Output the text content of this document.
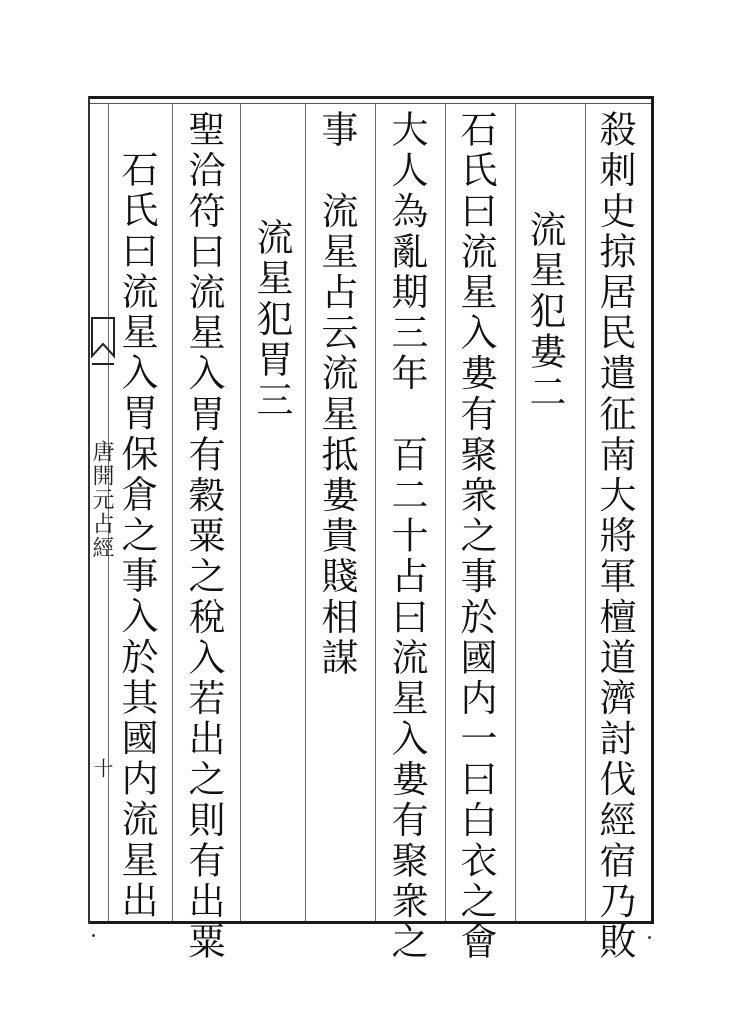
唐開元占經
十	殺刺史掠居民遣征南大將軍檀道濟討伐經宿乃敗
流星犯婁二
石氏曰流星入婁有聚衆之事於國内一曰白衣之會
大人為亂期三年　百二十占曰流星入婁有聚衆之
事　流星占云流星抵婁貴賤相謀
流星犯胃三
聖洽符曰流星入胃有穀粟之稅入若出之則有出粟
石氏曰流星入胃保倉之事入於其國内流星出
